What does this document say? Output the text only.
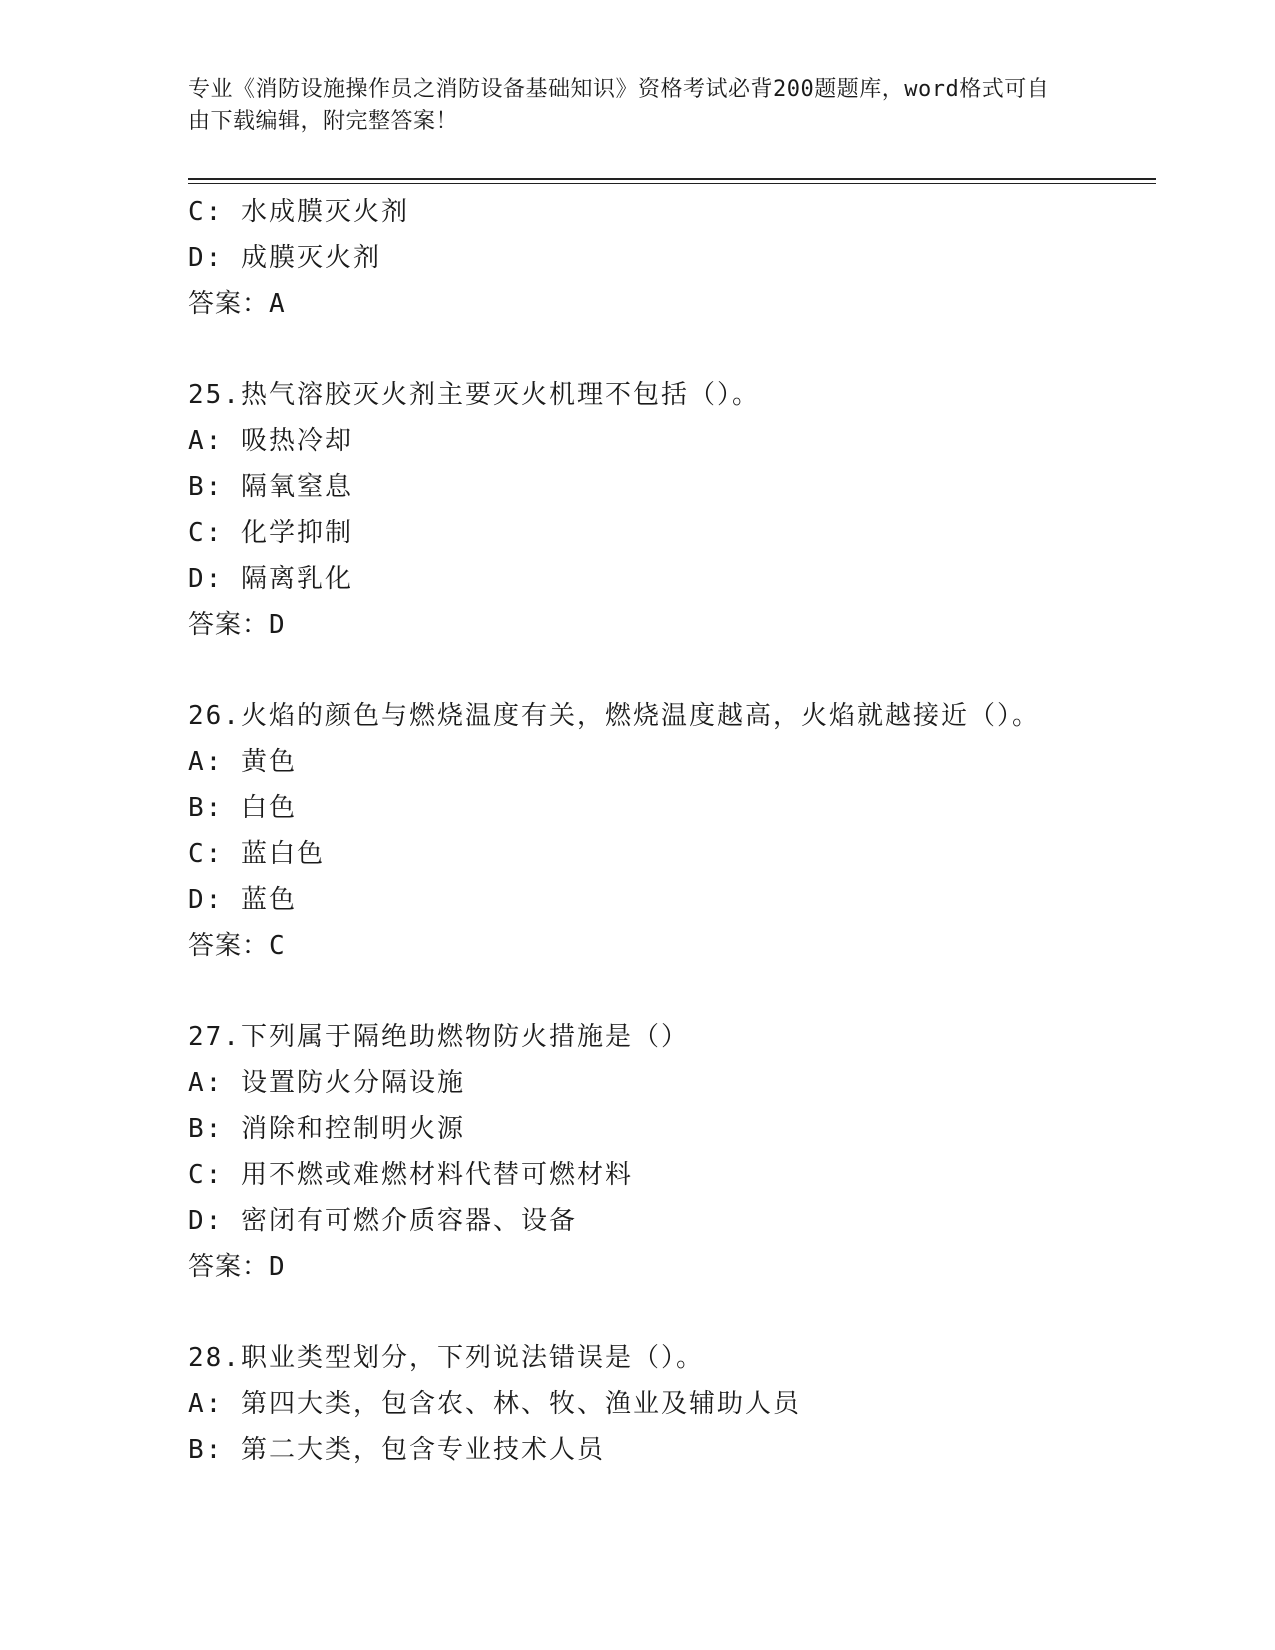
专业《消防设施操作员之消防设备基础知识》资格考试必背200题题库，word格式可自由下载编辑，附完整答案！
C: 水成膜灭火剂
D: 成膜灭火剂
答案：A
25.热气溶胶灭火剂主要灭火机理不包括（）。
A: 吸热冷却
B: 隔氧窒息
C: 化学抑制
D: 隔离乳化
答案：D
26.火焰的颜色与燃烧温度有关，燃烧温度越高，火焰就越接近（）。
A: 黄色
B: 白色
C: 蓝白色
D: 蓝色
答案：C
27.下列属于隔绝助燃物防火措施是（）
A: 设置防火分隔设施
B: 消除和控制明火源
C: 用不燃或难燃材料代替可燃材料
D: 密闭有可燃介质容器、设备
答案：D
28.职业类型划分，下列说法错误是（）。
A: 第四大类，包含农、林、牧、渔业及辅助人员
B: 第二大类，包含专业技术人员
